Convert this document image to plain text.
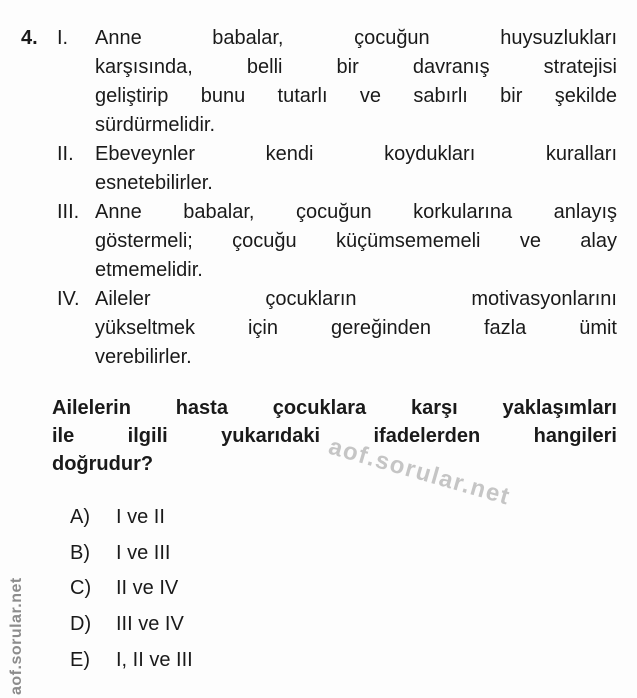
aof.sorular.net
aof.sorular.net
4. I.	Anne babalar, çocuğun huysuzlukları
karşısında, belli bir davranış stratejisi
geliştirip bunu tutarlı ve sabırlı bir şekilde
sürdürmelidir.
II.	Ebeveynler kendi koydukları kuralları
esnetebilirler.
III. Anne babalar, çocuğun korkularına anlayış
göstermeli; çocuğu küçümsememeli ve alay
etmemelidir.
IV. Aileler çocukların motivasyonlarını
yükseltmek için gereğinden fazla ümit
verebilirler.
Ailelerin hasta çocuklara karşı yaklaşımları
ile ilgili yukarıdaki ifadelerden hangileri
doğrudur?
A)	I ve II
B)	I ve III
C)	II ve IV
D)	III ve IV
E)	I, II ve III
